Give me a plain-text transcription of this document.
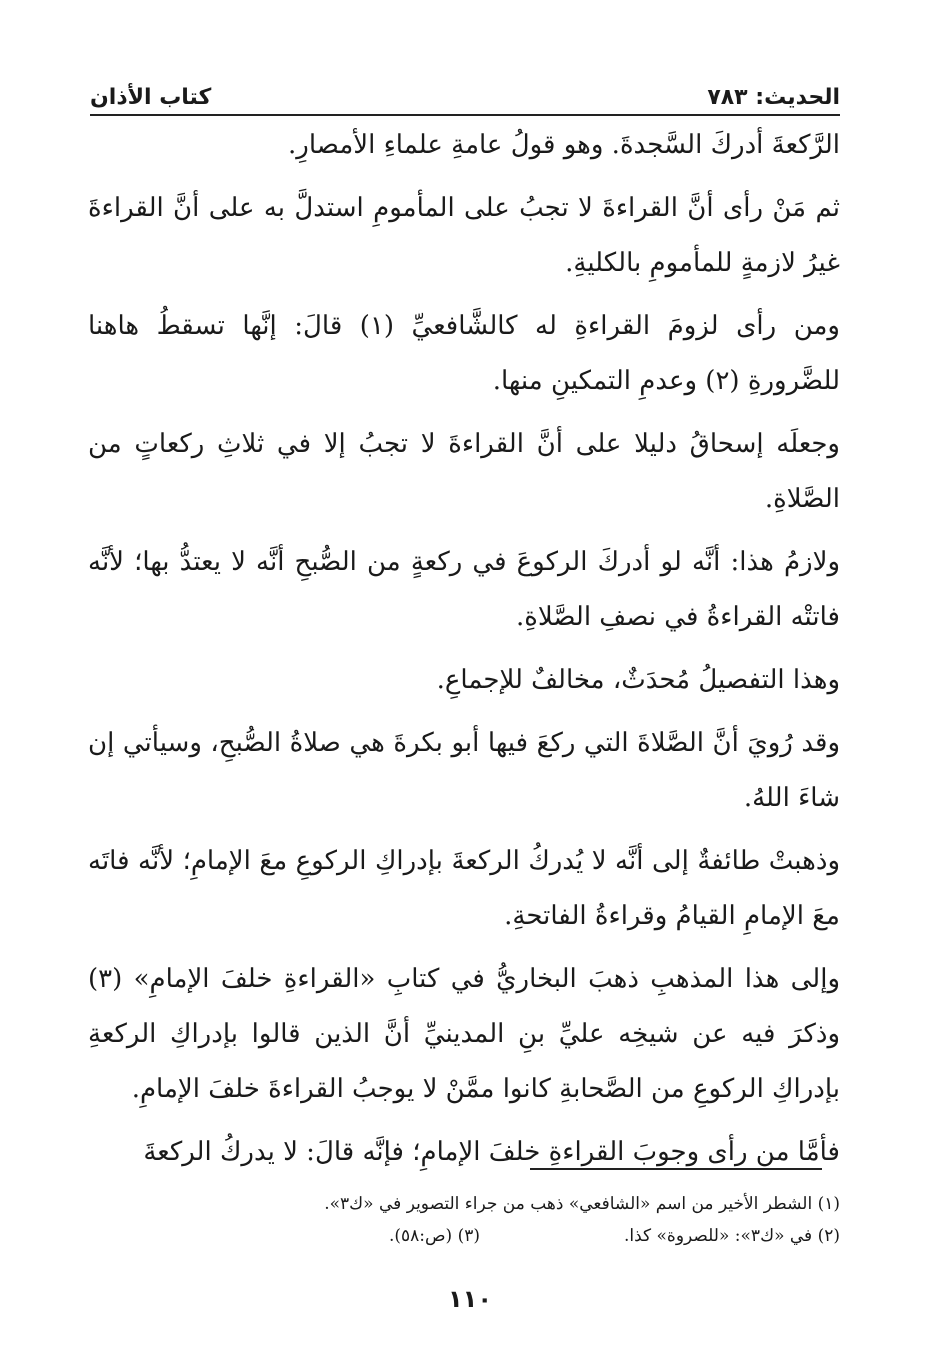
الحديث: ٧٨٣
كتاب الأذان

الرَّكعةَ أدركَ السَّجدةَ. وهو قولُ عامةِ علماءِ الأمصارِ.

ثم مَنْ رأى أنَّ القراءةَ لا تجبُ على المأمومِ استدلَّ به على أنَّ القراءةَ غيرُ لازمةٍ للمأمومِ بالكليةِ.

ومن رأى لزومَ القراءةِ له كالشَّافعيِّ (١) قالَ: إنَّها تسقطُ هاهنا للضَّرورةِ (٢) وعدمِ التمكينِ منها.

وجعلَه إسحاقُ دليلا على أنَّ القراءةَ لا تجبُ إلا في ثلاثِ ركعاتٍ من الصَّلاةِ.

ولازمُ هذا: أنَّه لو أدركَ الركوعَ في ركعةٍ من الصُّبحِ أنَّه لا يعتدُّ بها؛ لأنَّه فاتتْه القراءةُ في نصفِ الصَّلاةِ.

وهذا التفصيلُ مُحدَثٌ، مخالفٌ للإجماعِ.

وقد رُويَ أنَّ الصَّلاةَ التي ركعَ فيها أبو بكرةَ هي صلاةُ الصُّبحِ، وسيأتي إن شاءَ اللهُ.

وذهبتْ طائفةٌ إلى أنَّه لا يُدركُ الركعةَ بإدراكِ الركوعِ معَ الإمامِ؛ لأنَّه فاتَه معَ الإمامِ القيامُ وقراءةُ الفاتحةِ.

وإلى هذا المذهبِ ذهبَ البخاريُّ في كتابِ «القراءةِ خلفَ الإمامِ» (٣) وذكرَ فيه عن شيخِه عليِّ بنِ المدينيِّ أنَّ الذين قالوا بإدراكِ الركعةِ بإدراكِ الركوعِ من الصَّحابةِ كانوا ممَّنْ لا يوجبُ القراءةَ خلفَ الإمامِ.

فأمَّا من رأى وجوبَ القراءةِ خلفَ الإمامِ؛ فإنَّه قالَ: لا يدركُ الركعةَ

(١) الشطر الأخير من اسم «الشافعي» ذهب من جراء التصوير في «ك٣».
(٢) في «ك٣»: «للصروة» كذا.
(٣) (ص:٥٨).
١١٠
